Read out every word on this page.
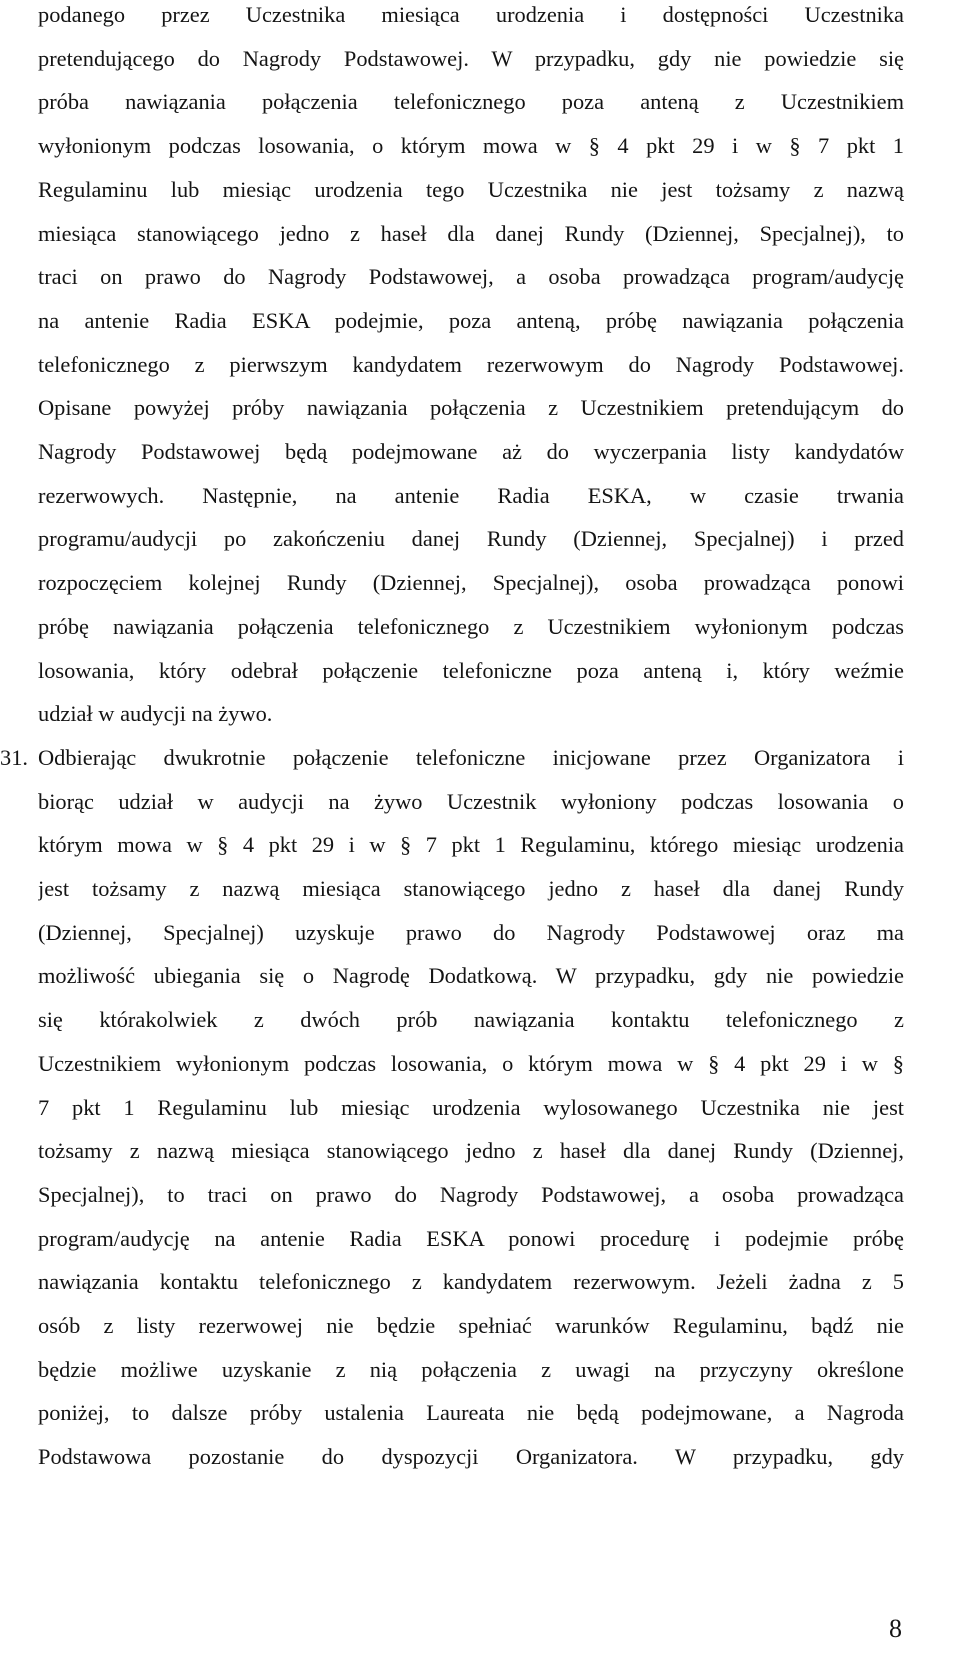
podanego przez Uczestnika miesiąca urodzenia i dostępności Uczestnika
pretendującego do Nagrody Podstawowej. W przypadku, gdy nie powiedzie się
próba nawiązania połączenia telefonicznego poza anteną z Uczestnikiem
wyłonionym podczas losowania, o którym mowa w § 4 pkt 29 i w § 7 pkt 1
Regulaminu lub miesiąc urodzenia tego Uczestnika nie jest tożsamy z nazwą
miesiąca stanowiącego jedno z haseł dla danej Rundy (Dziennej, Specjalnej), to
traci on prawo do Nagrody Podstawowej, a osoba prowadząca program/audycję
na antenie Radia ESKA podejmie, poza anteną, próbę nawiązania połączenia
telefonicznego z pierwszym kandydatem rezerwowym do Nagrody Podstawowej.
Opisane powyżej próby nawiązania połączenia z Uczestnikiem pretendującym do
Nagrody Podstawowej będą podejmowane aż do wyczerpania listy kandydatów
rezerwowych. Następnie, na antenie Radia ESKA, w czasie trwania
programu/audycji po zakończeniu danej Rundy (Dziennej, Specjalnej) i przed
rozpoczęciem kolejnej Rundy (Dziennej, Specjalnej), osoba prowadząca ponowi
próbę nawiązania połączenia telefonicznego z Uczestnikiem wyłonionym podczas
losowania, który odebrał połączenie telefoniczne poza anteną i, który weźmie
udział w audycji na żywo.
31. Odbierając dwukrotnie połączenie telefoniczne inicjowane przez Organizatora i
biorąc udział w audycji na żywo Uczestnik wyłoniony podczas losowania o
którym mowa w § 4 pkt 29 i w § 7 pkt 1 Regulaminu, którego miesiąc urodzenia
jest tożsamy z nazwą miesiąca stanowiącego jedno z haseł dla danej Rundy
(Dziennej, Specjalnej) uzyskuje prawo do Nagrody Podstawowej oraz ma
możliwość ubiegania się o Nagrodę Dodatkową. W przypadku, gdy nie powiedzie
się którakolwiek z dwóch prób nawiązania kontaktu telefonicznego z
Uczestnikiem wyłonionym podczas losowania, o którym mowa w § 4 pkt 29 i w §
7 pkt 1 Regulaminu lub miesiąc urodzenia wylosowanego Uczestnika nie jest
tożsamy z nazwą miesiąca stanowiącego jedno z haseł dla danej Rundy (Dziennej,
Specjalnej), to traci on prawo do Nagrody Podstawowej, a osoba prowadząca
program/audycję na antenie Radia ESKA ponowi procedurę i podejmie próbę
nawiązania kontaktu telefonicznego z kandydatem rezerwowym. Jeżeli żadna z 5
osób z listy rezerwowej nie będzie spełniać warunków Regulaminu, bądź nie
będzie możliwe uzyskanie z nią połączenia z uwagi na przyczyny określone
poniżej, to dalsze próby ustalenia Laureata nie będą podejmowane, a Nagroda
Podstawowa pozostanie do dyspozycji Organizatora. W przypadku, gdy
8
